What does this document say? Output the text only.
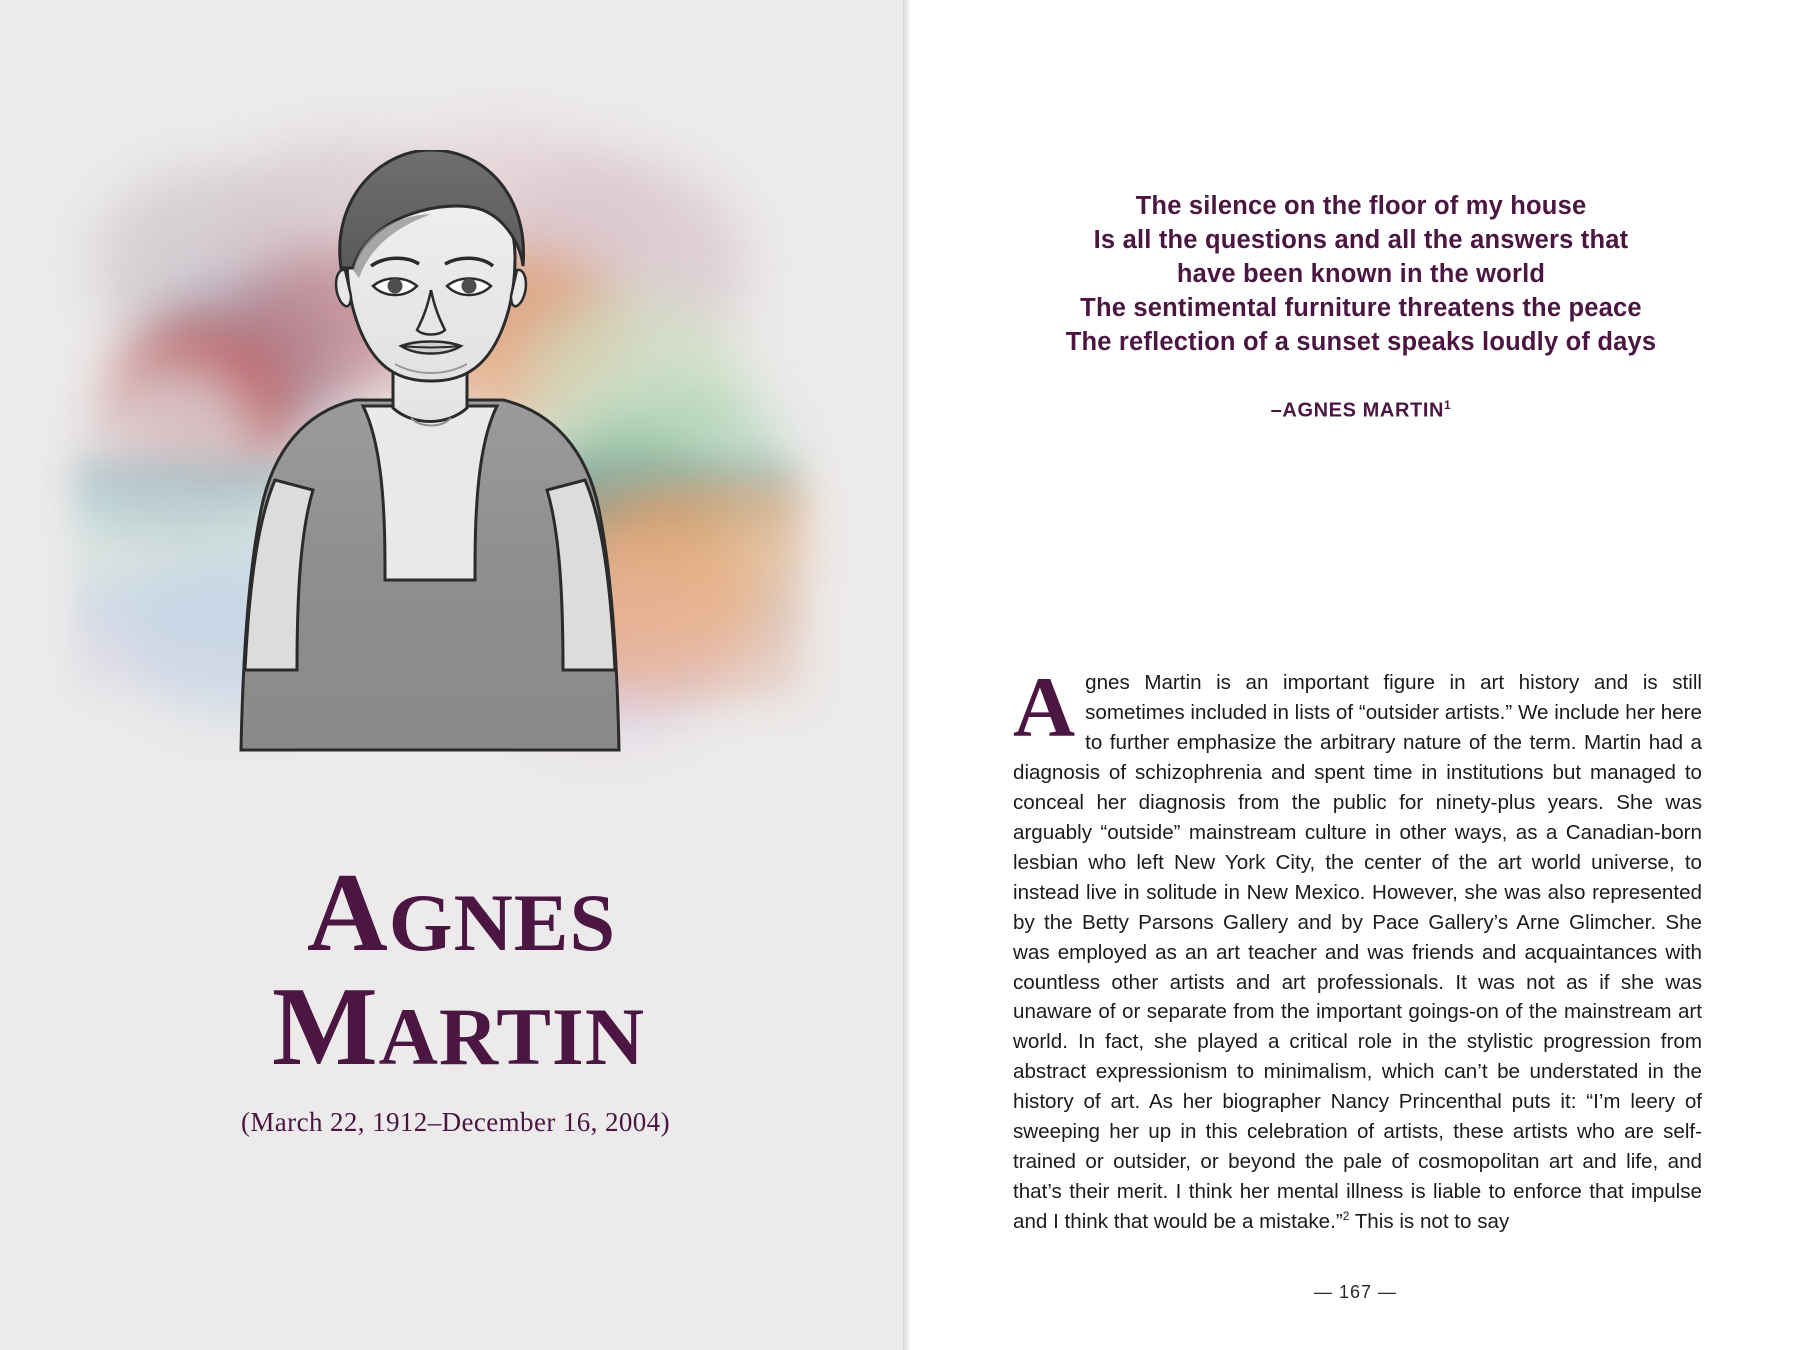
AGNES
MARTIN
(March 22, 1912–December 16, 2004)
The silence on the floor of my house
Is all the questions and all the answers that
have been known in the world
The sentimental furniture threatens the peace
The reflection of a sunset speaks loudly of days
–AGNES MARTIN$^1$
Agnes Martin is an important figure in art history and is still sometimes included in lists of “outsider artists.” We include her here to further emphasize the arbitrary nature of the term. Martin had a diagnosis of schizophrenia and spent time in institutions but managed to conceal her diagnosis from the public for ninety-plus years. She was arguably “outside” mainstream culture in other ways, as a Canadian-born lesbian who left New York City, the center of the art world universe, to instead live in solitude in New Mexico. However, she was also represented by the Betty Parsons Gallery and by Pace Gallery’s Arne Glimcher. She was employed as an art teacher and was friends and acquaintances with countless other artists and art professionals. It was not as if she was unaware of or separate from the important goings-on of the mainstream art world. In fact, she played a critical role in the stylistic progression from abstract expressionism to minimalism, which can’t be understated in the history of art. As her biographer Nancy Princenthal puts it: “I’m leery of sweeping her up in this celebration of artists, these artists who are self-trained or outsider, or beyond the pale of cosmopolitan art and life, and that’s their merit. I think her mental illness is liable to enforce that impulse and I think that would be a mistake.”$^2$ This is not to say
— 167 —
